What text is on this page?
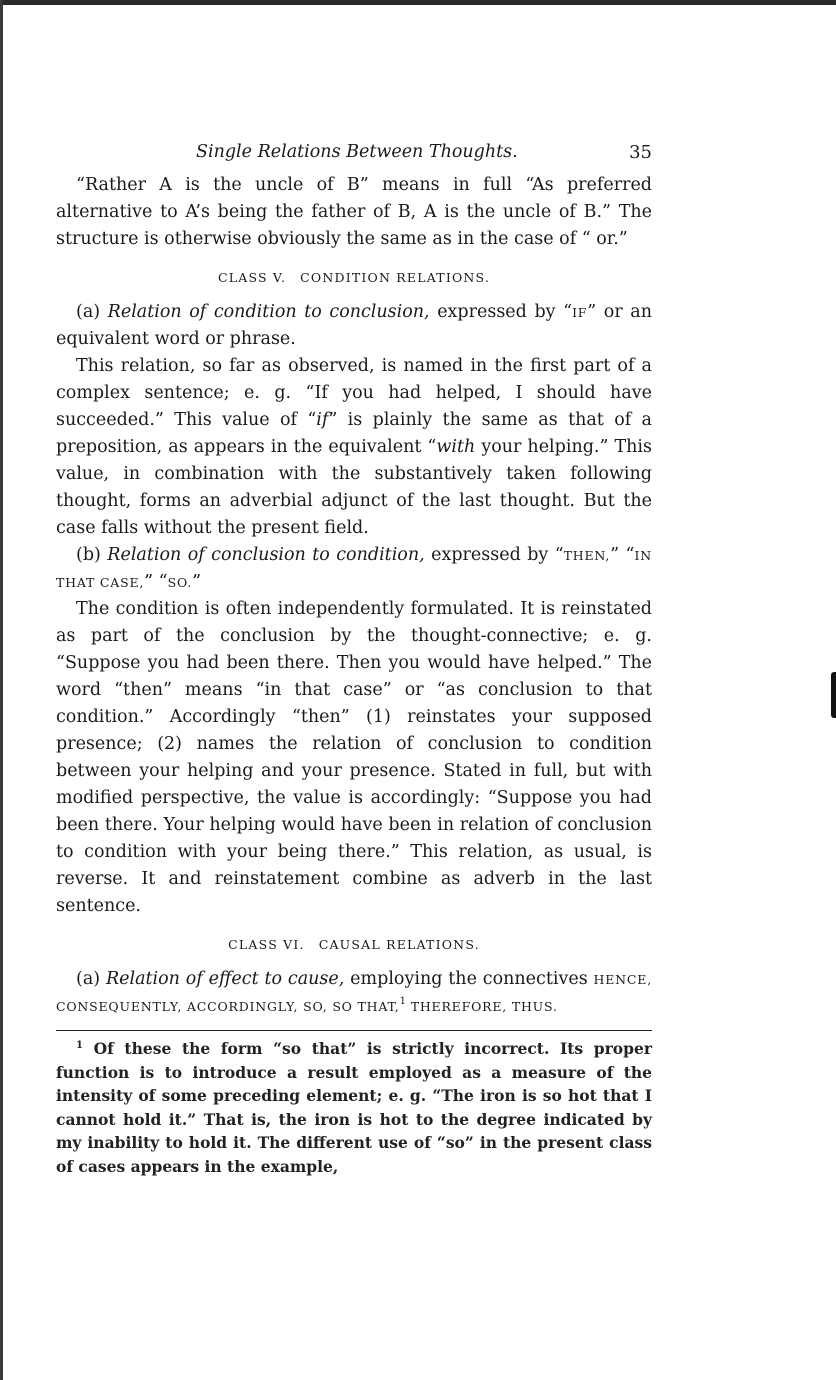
Single Relations Between Thoughts.	35

“Rather A is the uncle of B” means in full “As preferred alternative to A’s being the father of B, A is the uncle of B.” The structure is otherwise obviously the same as in the case of “ or.”

CLASS V. CONDITION RELATIONS.

(a) Relation of condition to conclusion, expressed by “IF” or an equivalent word or phrase.

This relation, so far as observed, is named in the first part of a complex sentence; e. g. “If you had helped, I should have succeeded.” This value of “if” is plainly the same as that of a preposition, as appears in the equivalent “with your helping.” This value, in combination with the substantively taken following thought, forms an adverbial adjunct of the last thought. But the case falls without the present field.

(b) Relation of conclusion to condition, expressed by “THEN,” “IN THAT CASE,” “SO.”

The condition is often independently formulated. It is reinstated as part of the conclusion by the thought-connective; e. g. “Suppose you had been there. Then you would have helped.” The word “then” means “in that case” or “as conclusion to that condition.” Accordingly “then” (1) reinstates your supposed presence; (2) names the relation of conclusion to condition between your helping and your presence. Stated in full, but with modified perspective, the value is accordingly: “Suppose you had been there. Your helping would have been in relation of conclusion to condition with your being there.” This relation, as usual, is reverse. It and reinstatement combine as adverb in the last sentence.

CLASS VI. CAUSAL RELATIONS.

(a) Relation of effect to cause, employing the connectives HENCE, CONSEQUENTLY, ACCORDINGLY, SO, SO THAT,$^1$ THEREFORE, THUS.

$^1$ Of these the form “so that” is strictly incorrect. Its proper function is to introduce a result employed as a measure of the intensity of some preceding element; e. g. “The iron is so hot that I cannot hold it.” That is, the iron is hot to the degree indicated by my inability to hold it. The different use of “so” in the present class of cases appears in the example,
